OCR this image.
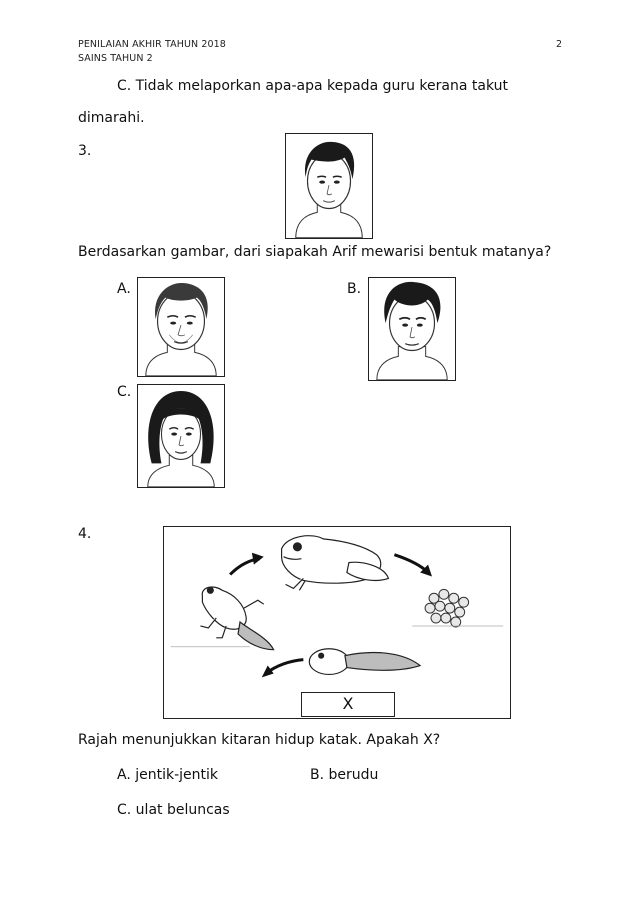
PENILAIAN AKHIR TAHUN 2018
SAINS TAHUN 2
2
C. Tidak melaporkan apa-apa kepada guru kerana takut
dimarahi.
3.
Berdasarkan gambar, dari siapakah Arif mewarisi bentuk matanya?
A.	B.
C.
4.
X
Rajah menunjukkan kitaran hidup katak. Apakah X?
A. jentik-jentik	B. berudu
C. ulat beluncas
